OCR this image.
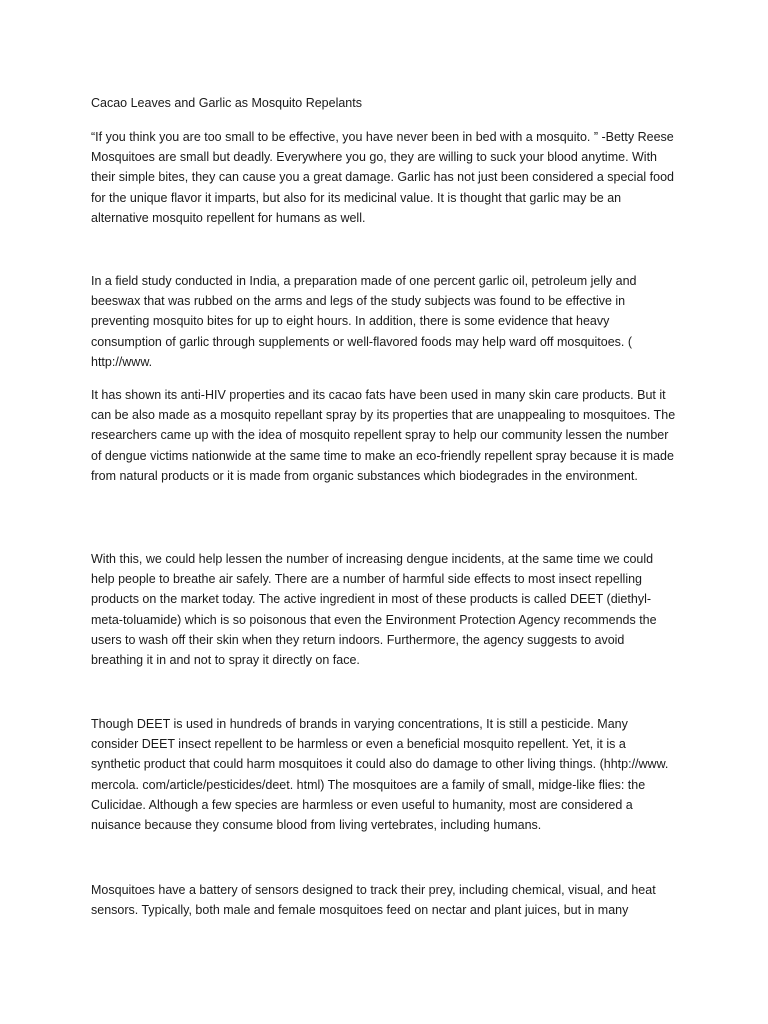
Cacao Leaves and Garlic as Mosquito Repelants

“If you think you are too small to be effective, you have never been in bed with a mosquito. ” -Betty Reese Mosquitoes are small but deadly. Everywhere you go, they are willing to suck your blood anytime. With their simple bites, they can cause you a great damage. Garlic has not just been considered a special food for the unique flavor it imparts, but also for its medicinal value. It is thought that garlic may be an alternative mosquito repellent for humans as well.

In a field study conducted in India, a preparation made of one percent garlic oil, petroleum jelly and beeswax that was rubbed on the arms and legs of the study subjects was found to be effective in preventing mosquito bites for up to eight hours. In addition, there is some evidence that heavy consumption of garlic through supplements or well-flavored foods may help ward off mosquitoes. ( http://www.

It has shown its anti-HIV properties and its cacao fats have been used in many skin care products. But it can be also made as a mosquito repellant spray by its properties that are unappealing to mosquitoes. The researchers came up with the idea of mosquito repellent spray to help our community lessen the number of dengue victims nationwide at the same time to make an eco-friendly repellent spray because it is made from natural products or it is made from organic substances which biodegrades in the environment.

With this, we could help lessen the number of increasing dengue incidents, at the same time we could help people to breathe air safely. There are a number of harmful side effects to most insect repelling products on the market today. The active ingredient in most of these products is called DEET (diethyl-meta-toluamide) which is so poisonous that even the Environment Protection Agency recommends the users to wash off their skin when they return indoors. Furthermore, the agency suggests to avoid breathing it in and not to spray it directly on face.

Though DEET is used in hundreds of brands in varying concentrations, It is still a pesticide. Many consider DEET insect repellent to be harmless or even a beneficial mosquito repellent. Yet, it is a synthetic product that could harm mosquitoes it could also do damage to other living things. (hhtp://www. mercola. com/article/pesticides/deet. html) The mosquitoes are a family of small, midge-like flies: the Culicidae. Although a few species are harmless or even useful to humanity, most are considered a nuisance because they consume blood from living vertebrates, including humans.

Mosquitoes have a battery of sensors designed to track their prey, including chemical, visual, and heat sensors. Typically, both male and female mosquitoes feed on nectar and plant juices, but in many
